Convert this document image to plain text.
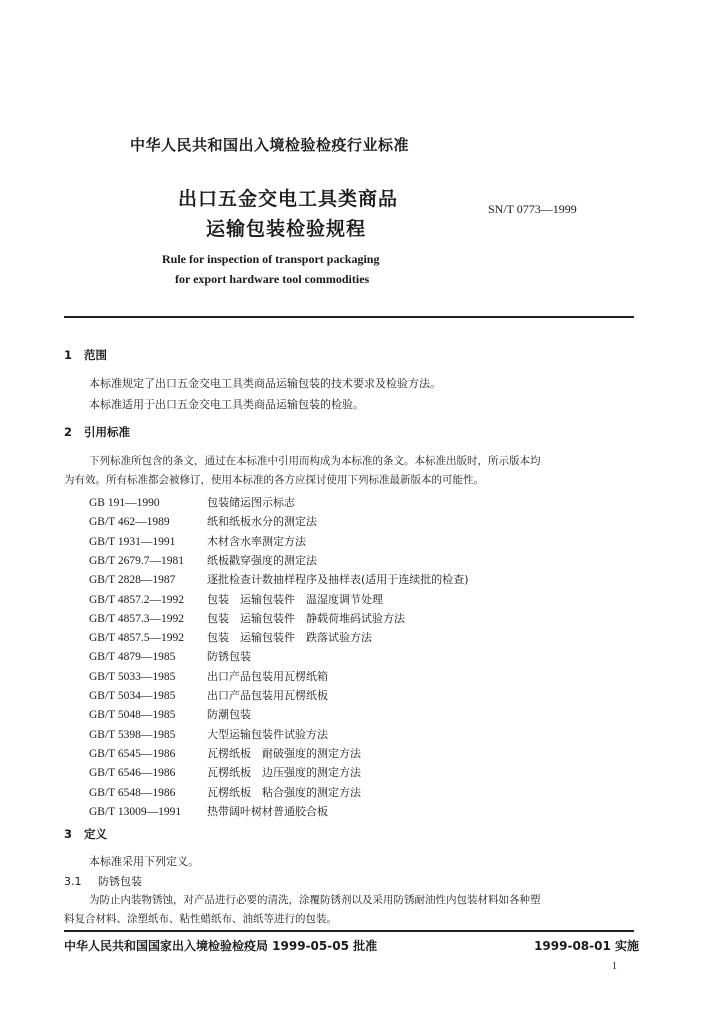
中华人民共和国出入境检验检疫行业标准
出口五金交电工具类商品
运输包装检验规程
SN/T 0773—1999
Rule for inspection of transport packaging
for export hardware tool commodities
1 范围
本标准规定了出口五金交电工具类商品运输包装的技术要求及检验方法。
本标准适用于出口五金交电工具类商品运输包装的检验。
2 引用标准
下列标准所包含的条文，通过在本标准中引用而构成为本标准的条文。本标准出版时，所示版本均
为有效。所有标准都会被修订，使用本标准的各方应探讨使用下列标准最新版本的可能性。
GB 191—1990	包装储运图示标志
GB/T 462—1989	纸和纸板水分的测定法
GB/T 1931—1991	木材含水率测定方法
GB/T 2679.7—1981 纸板戳穿强度的测定法
GB/T 2828—1987	逐批检查计数抽样程序及抽样表(适用于连续批的检查)
GB/T 4857.2—1992 包装　运输包装件　温湿度调节处理
GB/T 4857.3—1992 包装　运输包装件　静载荷堆码试验方法
GB/T 4857.5—1992 包装　运输包装件　跌落试验方法
GB/T 4879—1985	防锈包装
GB/T 5033—1985	出口产品包装用瓦楞纸箱
GB/T 5034—1985	出口产品包装用瓦楞纸板
GB/T 5048—1985	防潮包装
GB/T 5398—1985	大型运输包装件试验方法
GB/T 6545—1986	瓦楞纸板　耐破强度的测定方法
GB/T 6546—1986	瓦楞纸板　边压强度的测定方法
GB/T 6548—1986	瓦楞纸板　粘合强度的测定方法
GB/T 13009—1991 热带阔叶树材普通胶合板
3 定义
本标准采用下列定义。
3.1 防锈包装
为防止内装物锈蚀，对产品进行必要的清洗，涂覆防锈剂以及采用防锈耐油性内包装材料如各种塑
料复合材料、涂塑纸布、粘性蜡纸布、油纸等进行的包装。
中华人民共和国国家出入境检验检疫局 1999-05-05 批准	1999-08-01 实施
1
